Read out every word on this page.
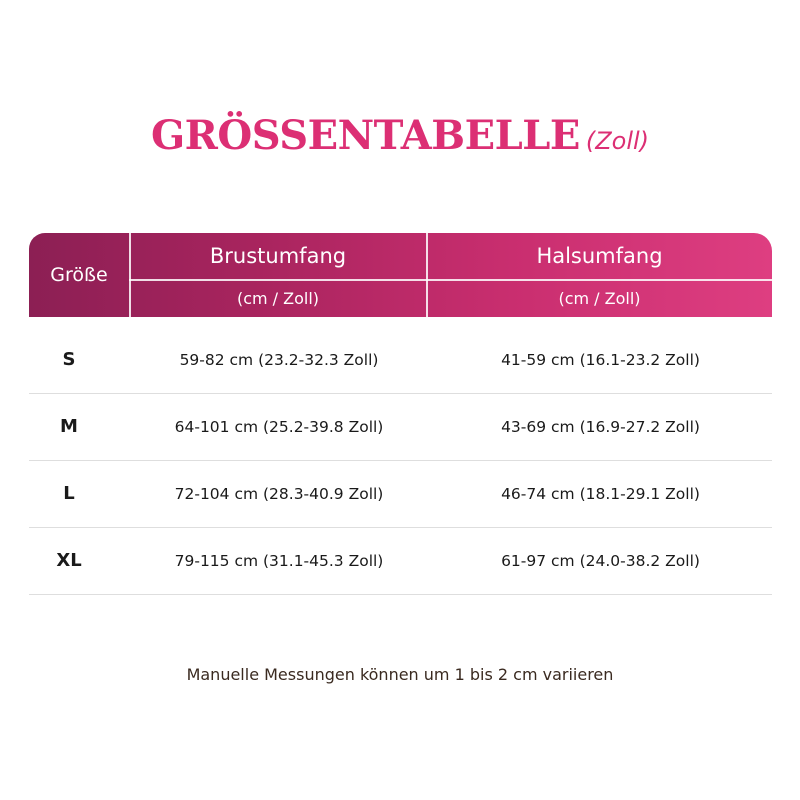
GRÖSSENTABELLE (Zoll)
Größe
Brustumfang
(cm / Zoll)
Halsumfang
(cm / Zoll)
S	59-82 cm (23.2-32.3 Zoll)	41-59 cm (16.1-23.2 Zoll)
M	64-101 cm (25.2-39.8 Zoll)	43-69 cm (16.9-27.2 Zoll)
L	72-104 cm (28.3-40.9 Zoll)	46-74 cm (18.1-29.1 Zoll)
XL	79-115 cm (31.1-45.3 Zoll)	61-97 cm (24.0-38.2 Zoll)
Manuelle Messungen können um 1 bis 2 cm variieren
